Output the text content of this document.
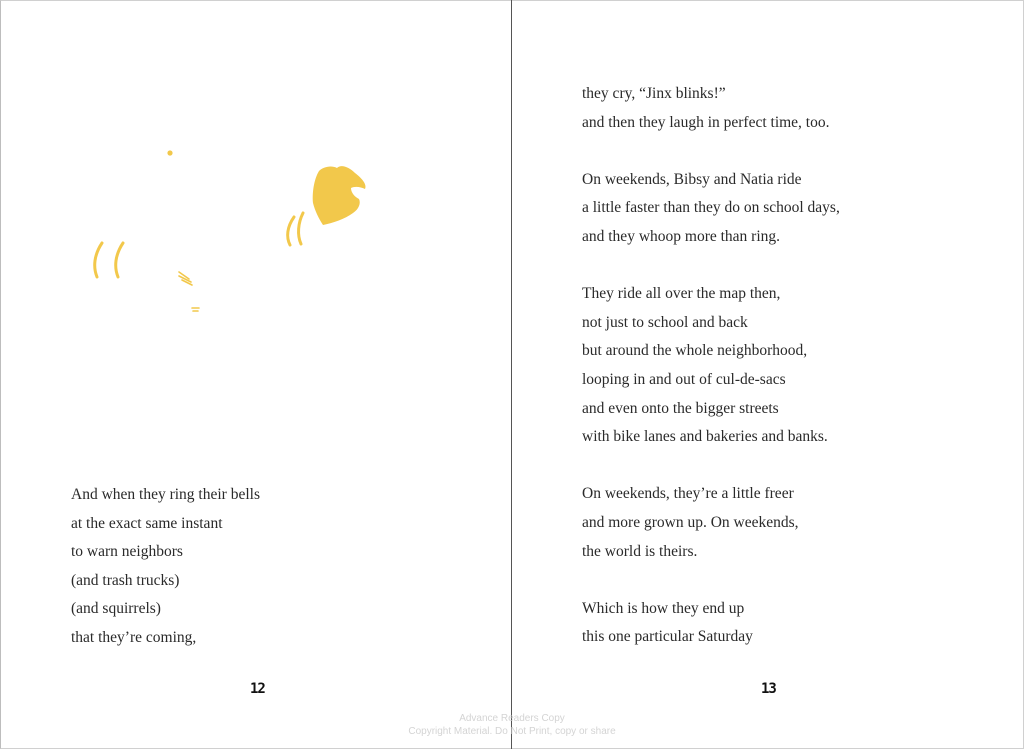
And when they ring their bells
at the exact same instant
to warn neighbors
(and trash trucks)
(and squirrels)
that they’re coming,
12
they cry, “Jinx blinks!”
and then they laugh in perfect time, too.
On weekends, Bibsy and Natia ride
a little faster than they do on school days,
and they whoop more than ring.
They ride all over the map then,
not just to school and back
but around the whole neighborhood,
looping in and out of cul-de-sacs
and even onto the bigger streets
with bike lanes and bakeries and banks.
On weekends, they’re a little freer
and more grown up. On weekends,
the world is theirs.
Which is how they end up
this one particular Saturday
13
Advance Readers Copy
Copyright Material. Do Not Print, copy or share
